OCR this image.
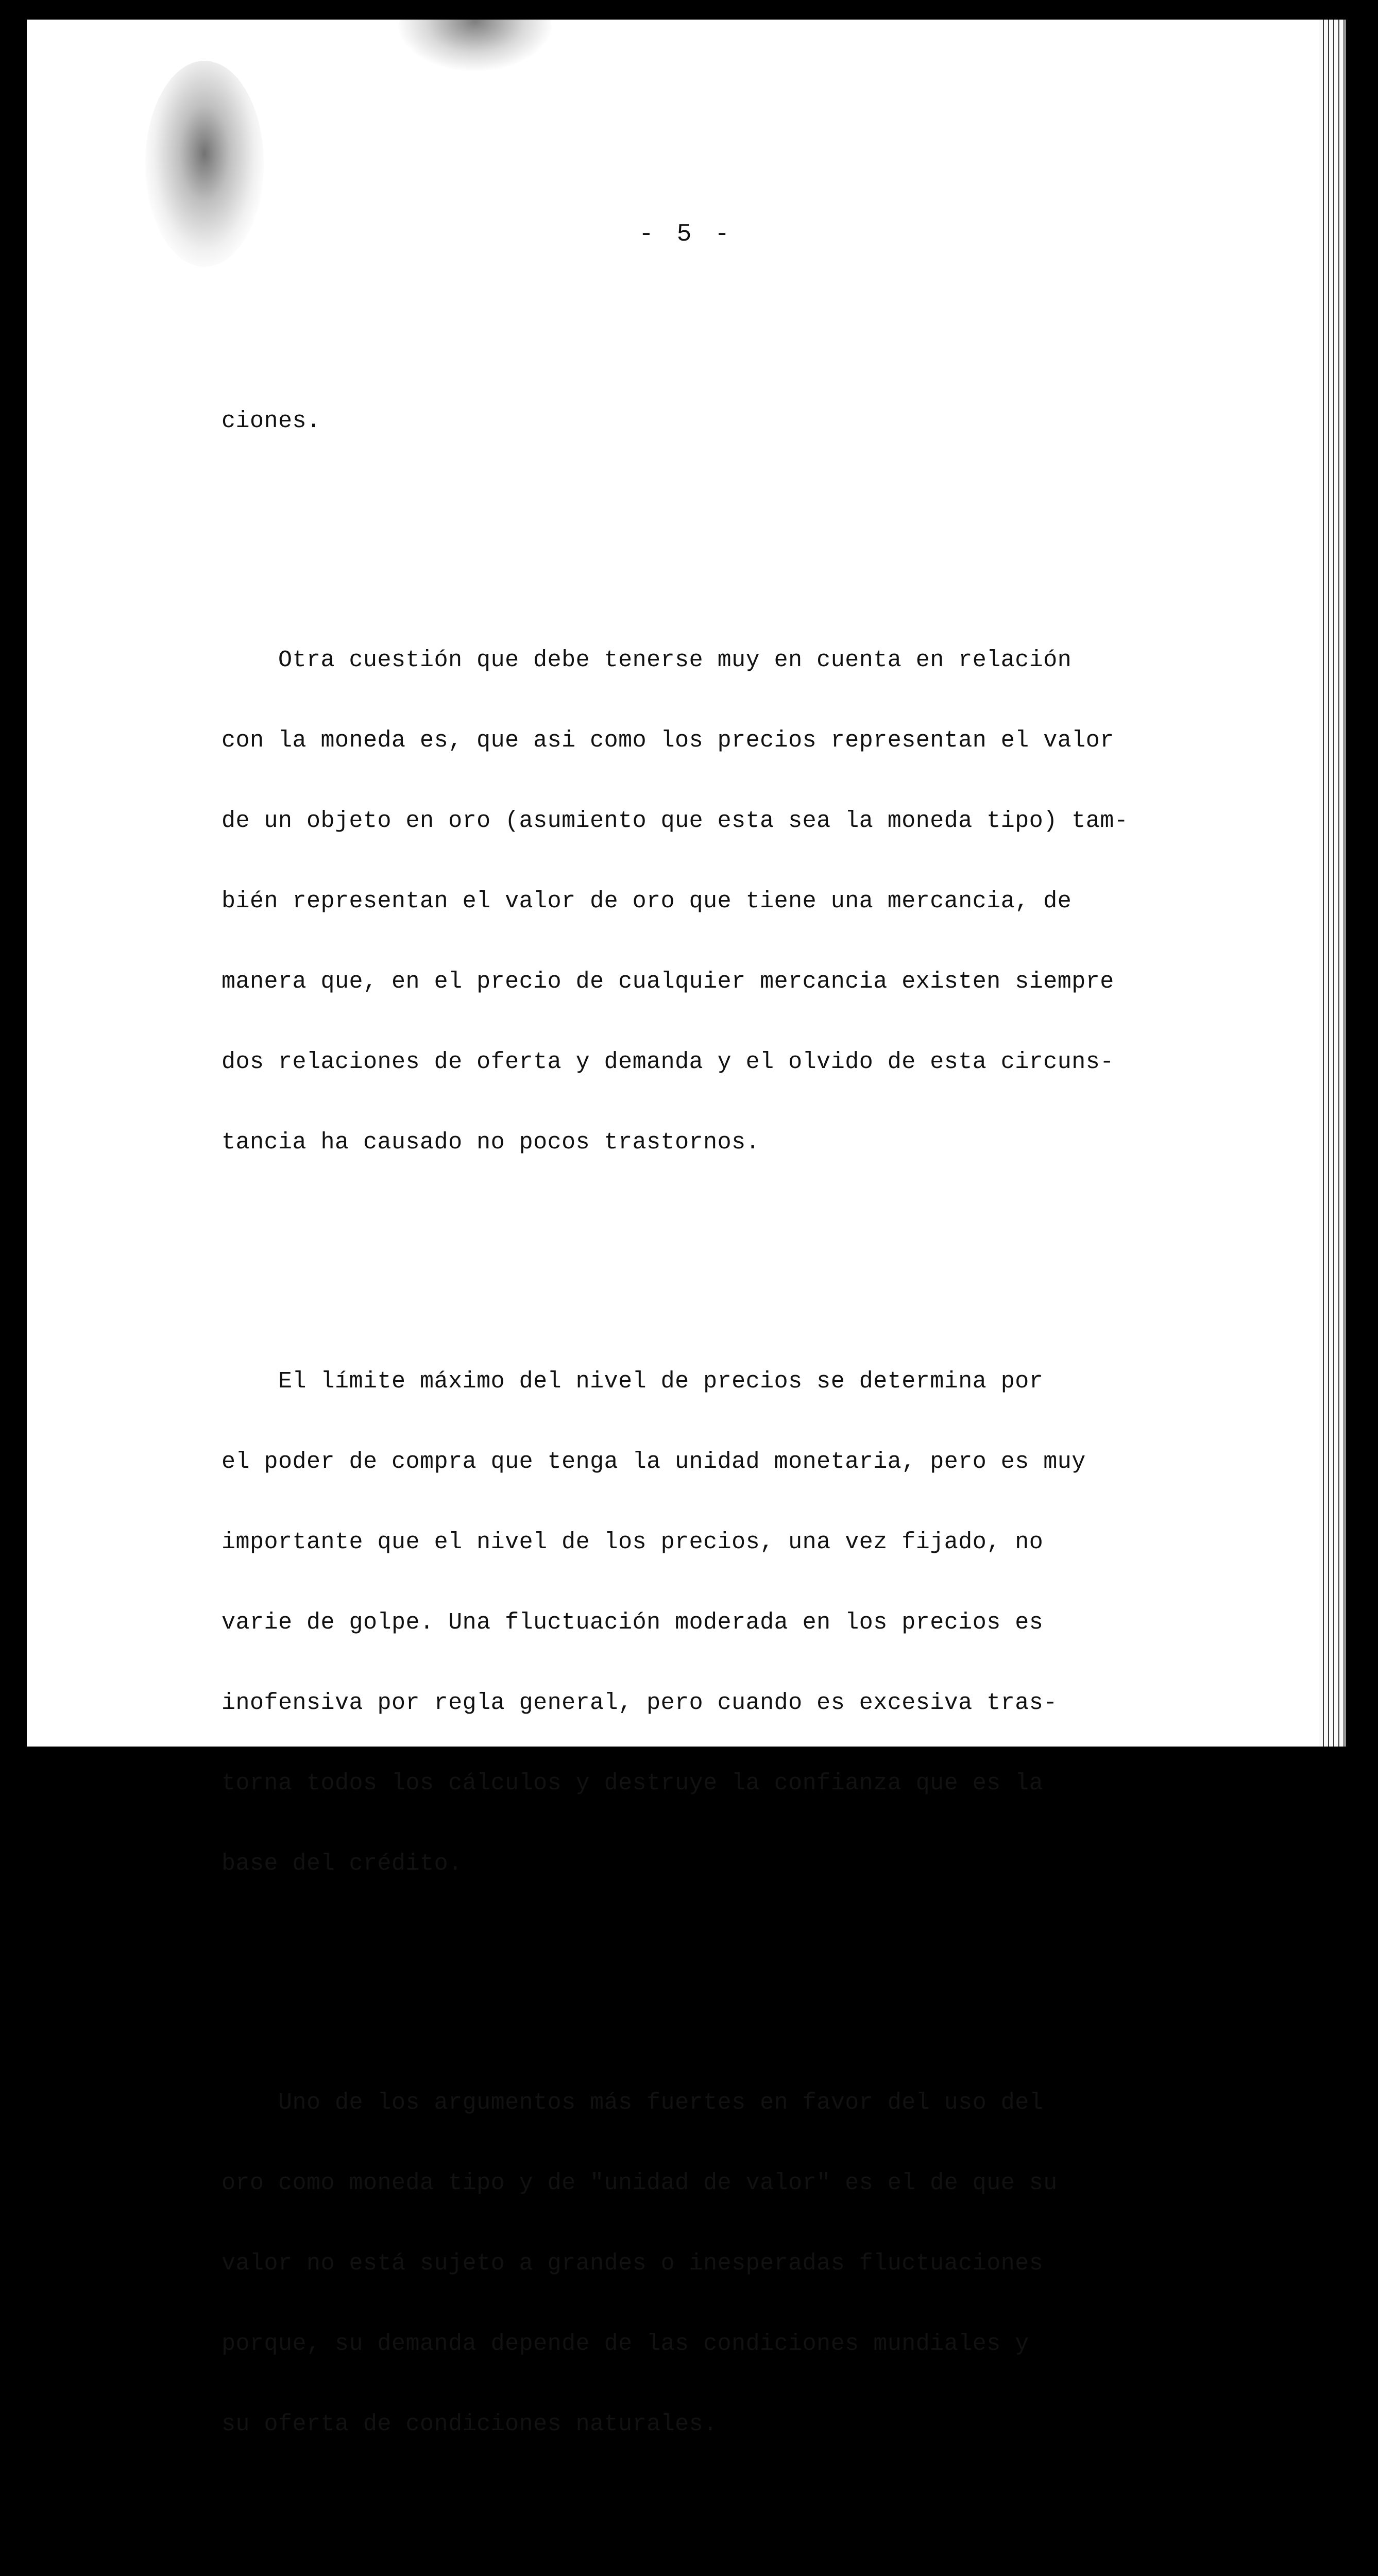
- 5 -

ciones.

Otra cuestión que debe tenerse muy en cuenta en relación

con la moneda es, que asi como los precios representan el valor

de un objeto en oro (asumiento que esta sea la moneda tipo) tam-

bién representan el valor de oro que tiene una mercancia, de

manera que, en el precio de cualquier mercancia existen siempre

dos relaciones de oferta y demanda y el olvido de esta circuns-

tancia ha causado no pocos trastornos.

El límite máximo del nivel de precios se determina por

el poder de compra que tenga la unidad monetaria, pero es muy

importante que el nivel de los precios, una vez fijado, no

varie de golpe. Una fluctuación moderada en los precios es

inofensiva por regla general, pero cuando es excesiva tras-

torna todos los cálculos y destruye la confianza que es la

base del crédito.

Uno de los argumentos más fuertes en favor del uso del

oro como moneda tipo y de "unidad de valor" es el de que su

valor no está sujeto a grandes o inesperadas fluctuaciones

porque, su demanda depende de las condiciones mundiales y

su oferta de condiciones naturales.
